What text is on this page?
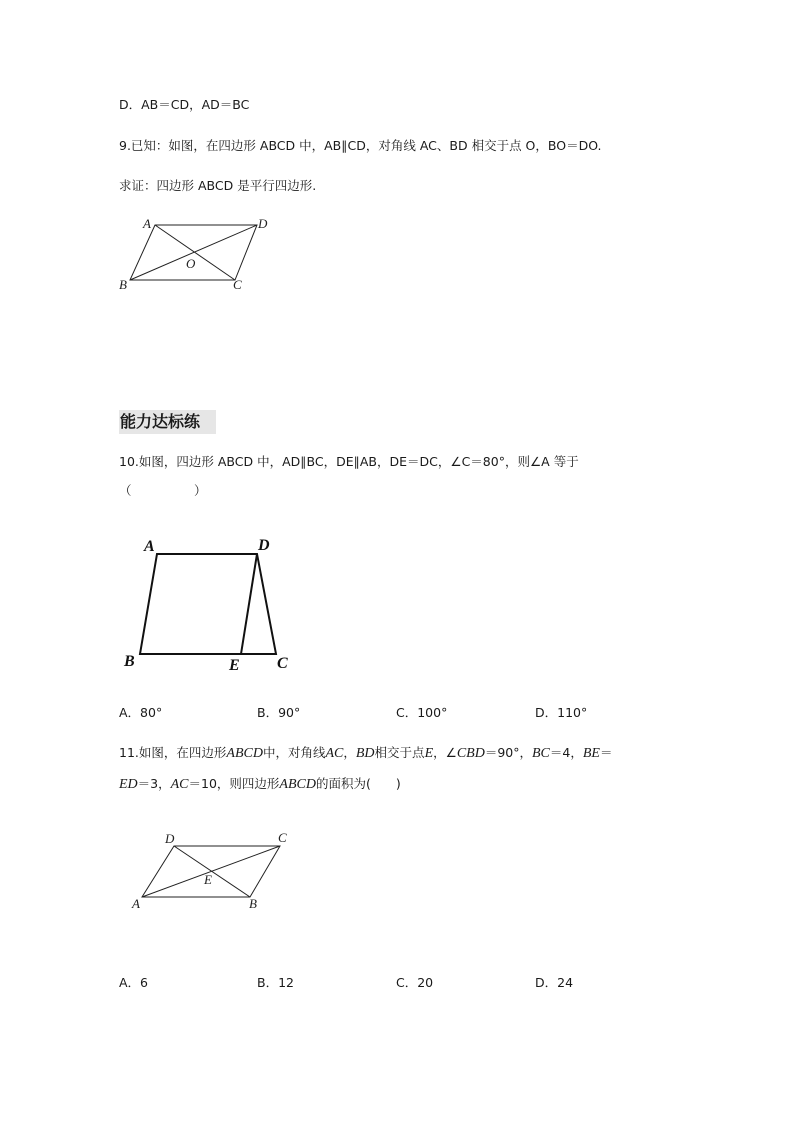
D．AB＝CD，AD＝BC
9.已知：如图，在四边形 ABCD 中，AB∥CD，对角线 AC、BD 相交于点 O，BO＝DO.
求证：四边形 ABCD 是平行四边形.
A	D
B	C
O
能力达标练
10.如图，四边形 ABCD 中，AD∥BC，DE∥AB，DE＝DC，∠C＝80°，则∠A 等于
（　　　　　）
A	D
B	E C
A．80°	B．90°	C．100°	D．110°
11.如图，在四边形ABCD中，对角线AC，BD相交于点E，∠CBD＝90°，BC＝4，BE＝
ED＝3，AC＝10，则四边形ABCD的面积为(　　)
D	C
A	B
E
A．6	B．12	C．20	D．24
